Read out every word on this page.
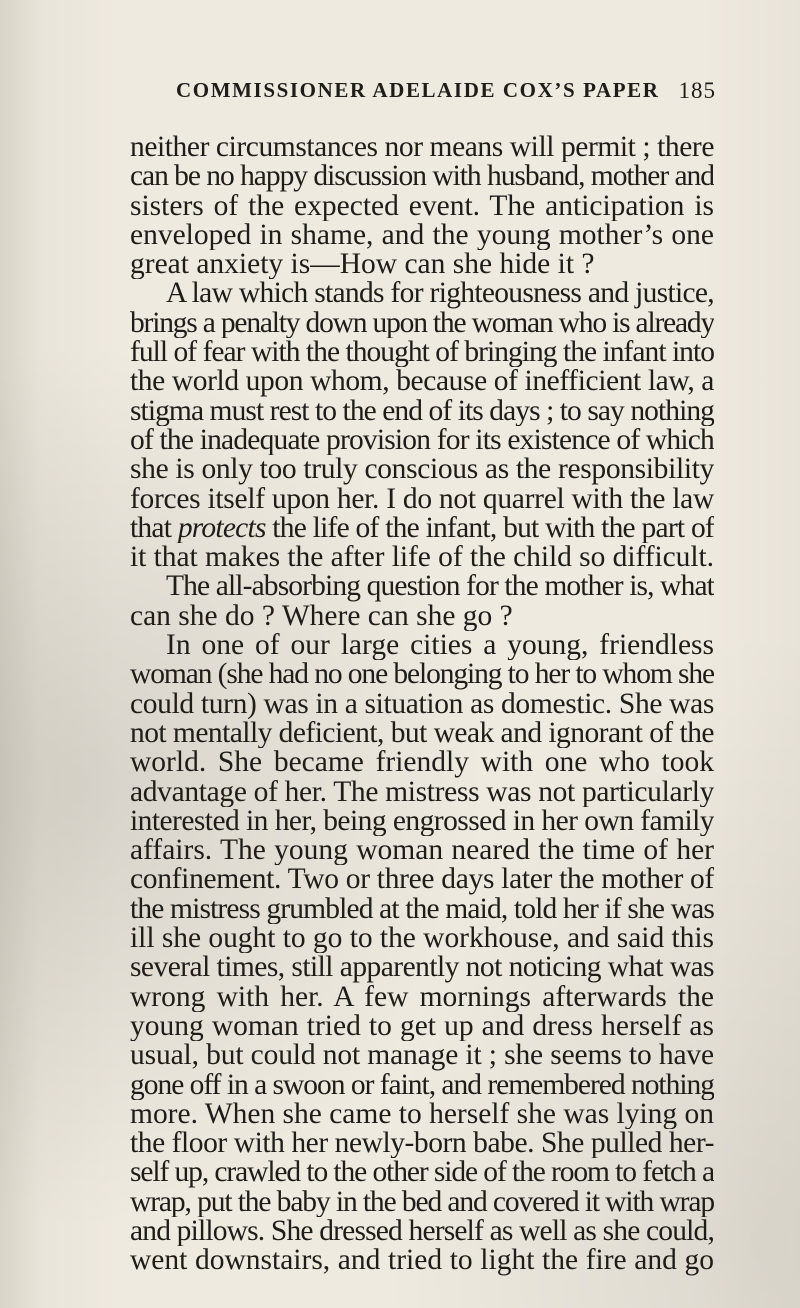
COMMISSIONER ADELAIDE COX’S PAPER 185
neither circumstances nor means will permit ; there
can be no happy discussion with husband, mother and
sisters of the expected event. The anticipation is
enveloped in shame, and the young mother’s one
great anxiety is—How can she hide it ?
A law which stands for righteousness and justice,
brings a penalty down upon the woman who is already
full of fear with the thought of bringing the infant into
the world upon whom, because of inefficient law, a
stigma must rest to the end of its days ; to say nothing
of the inadequate provision for its existence of which
she is only too truly conscious as the responsibility
forces itself upon her. I do not quarrel with the law
that protects the life of the infant, but with the part of
it that makes the after life of the child so difficult.
The all-absorbing question for the mother is, what
can she do ? Where can she go ?
In one of our large cities a young, friendless
woman (she had no one belonging to her to whom she
could turn) was in a situation as domestic. She was
not mentally deficient, but weak and ignorant of the
world. She became friendly with one who took
advantage of her. The mistress was not particularly
interested in her, being engrossed in her own family
affairs. The young woman neared the time of her
confinement. Two or three days later the mother of
the mistress grumbled at the maid, told her if she was
ill she ought to go to the workhouse, and said this
several times, still apparently not noticing what was
wrong with her. A few mornings afterwards the
young woman tried to get up and dress herself as
usual, but could not manage it ; she seems to have
gone off in a swoon or faint, and remembered nothing
more. When she came to herself she was lying on
the floor with her newly-born babe. She pulled her-
self up, crawled to the other side of the room to fetch a
wrap, put the baby in the bed and covered it with wrap
and pillows. She dressed herself as well as she could,
went downstairs, and tried to light the fire and go
